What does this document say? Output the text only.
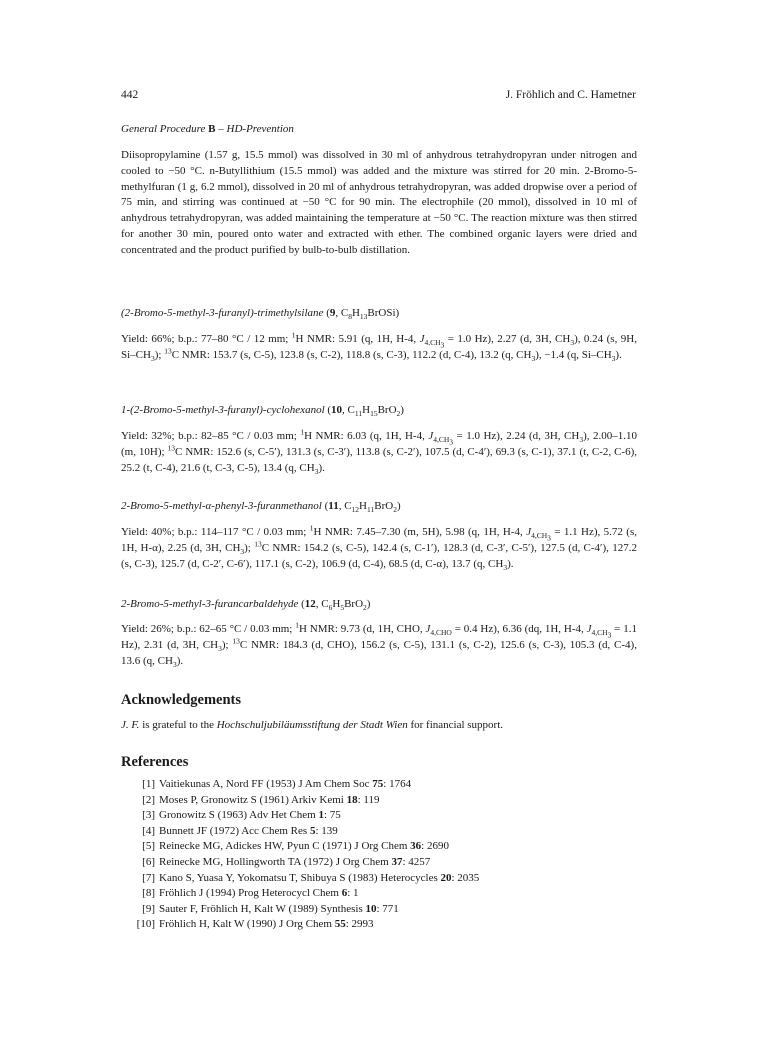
442	J. Fröhlich and C. Hametner
General Procedure B – HD-Prevention
Diisopropylamine (1.57 g, 15.5 mmol) was dissolved in 30 ml of anhydrous tetrahydropyran under nitrogen and cooled to −50 °C. n-Butyllithium (15.5 mmol) was added and the mixture was stirred for 20 min. 2-Bromo-5-methylfuran (1 g, 6.2 mmol), dissolved in 20 ml of anhydrous tetrahydropyran, was added dropwise over a period of 75 min, and stirring was continued at −50 °C for 90 min. The electrophile (20 mmol), dissolved in 10 ml of anhydrous tetrahydropyran, was added maintaining the temperature at −50 °C. The reaction mixture was then stirred for another 30 min, poured onto water and extracted with ether. The combined organic layers were dried and concentrated and the product purified by bulb-to-bulb distillation.
(2-Bromo-5-methyl-3-furanyl)-trimethylsilane (9, $C_8H_{13}BrOSi$)
Yield: 66%; b.p.: 77–80 °C / 12 mm; $^1$H NMR: 5.91 (q, 1H, H-4, $J_{4,CH_3} = 1.0$ Hz), 2.27 (d, 3H, $CH_3$), 0.24 (s, 9H, $Si-CH_3$); $^{13}$C NMR: 153.7 (s, C-5), 123.8 (s, C-2), 118.8 (s, C-3), 112.2 (d, C-4), 13.2 (q, $CH_3$), −1.4 (q, $Si-CH_3$).
1-(2-Bromo-5-methyl-3-furanyl)-cyclohexanol (10, $C_{11}H_{15}BrO_2$)
Yield: 32%; b.p.: 82–85 °C / 0.03 mm; $^1$H NMR: 6.03 (q, 1H, H-4, $J_{4,CH_3} = 1.0$ Hz), 2.24 (d, 3H, $CH_3$), 2.00–1.10 (m, 10H); $^{13}$C NMR: 152.6 (s, C-5′), 131.3 (s, C-3′), 113.8 (s, C-2′), 107.5 (d, C-4′), 69.3 (s, C-1), 37.1 (t, C-2, C-6), 25.2 (t, C-4), 21.6 (t, C-3, C-5), 13.4 (q, $CH_3$).
2-Bromo-5-methyl-α-phenyl-3-furanmethanol (11, $C_{12}H_{11}BrO_2$)
Yield: 40%; b.p.: 114–117 °C / 0.03 mm; $^1$H NMR: 7.45–7.30 (m, 5H), 5.98 (q, 1H, H-4, $J_{4,CH_3} = 1.1$ Hz), 5.72 (s, 1H, H-α), 2.25 (d, 3H, $CH_3$); $^{13}$C NMR: 154.2 (s, C-5), 142.4 (s, C-1′), 128.3 (d, C-3′, C-5′), 127.5 (d, C-4′), 127.2 (s, C-3), 125.7 (d, C-2′, C-6′), 117.1 (s, C-2), 106.9 (d, C-4), 68.5 (d, C-α), 13.7 (q, $CH_3$).
2-Bromo-5-methyl-3-furancarbaldehyde (12, $C_6H_5BrO_2$)
Yield: 26%; b.p.: 62–65 °C / 0.03 mm; $^1$H NMR: 9.73 (d, 1H, CHO, $J_{4,CHO} = 0.4$ Hz), 6.36 (dq, 1H, H-4, $J_{4,CH_3} = 1.1$ Hz), 2.31 (d, 3H, $CH_3$); $^{13}$C NMR: 184.3 (d, CHO), 156.2 (s, C-5), 131.1 (s, C-2), 125.6 (s, C-3), 105.3 (d, C-4), 13.6 (q, $CH_3$).
Acknowledgements
J. F. is grateful to the Hochschuljubiläumsstiftung der Stadt Wien for financial support.
References
[1] Vaitiekunas A, Nord FF (1953) J Am Chem Soc 75: 1764
[2] Moses P, Gronowitz S (1961) Arkiv Kemi 18: 119
[3] Gronowitz S (1963) Adv Het Chem 1: 75
[4] Bunnett JF (1972) Acc Chem Res 5: 139
[5] Reinecke MG, Adickes HW, Pyun C (1971) J Org Chem 36: 2690
[6] Reinecke MG, Hollingworth TA (1972) J Org Chem 37: 4257
[7] Kano S, Yuasa Y, Yokomatsu T, Shibuya S (1983) Heterocycles 20: 2035
[8] Fröhlich J (1994) Prog Heterocycl Chem 6: 1
[9] Sauter F, Fröhlich H, Kalt W (1989) Synthesis 10: 771
[10] Fröhlich H, Kalt W (1990) J Org Chem 55: 2993
